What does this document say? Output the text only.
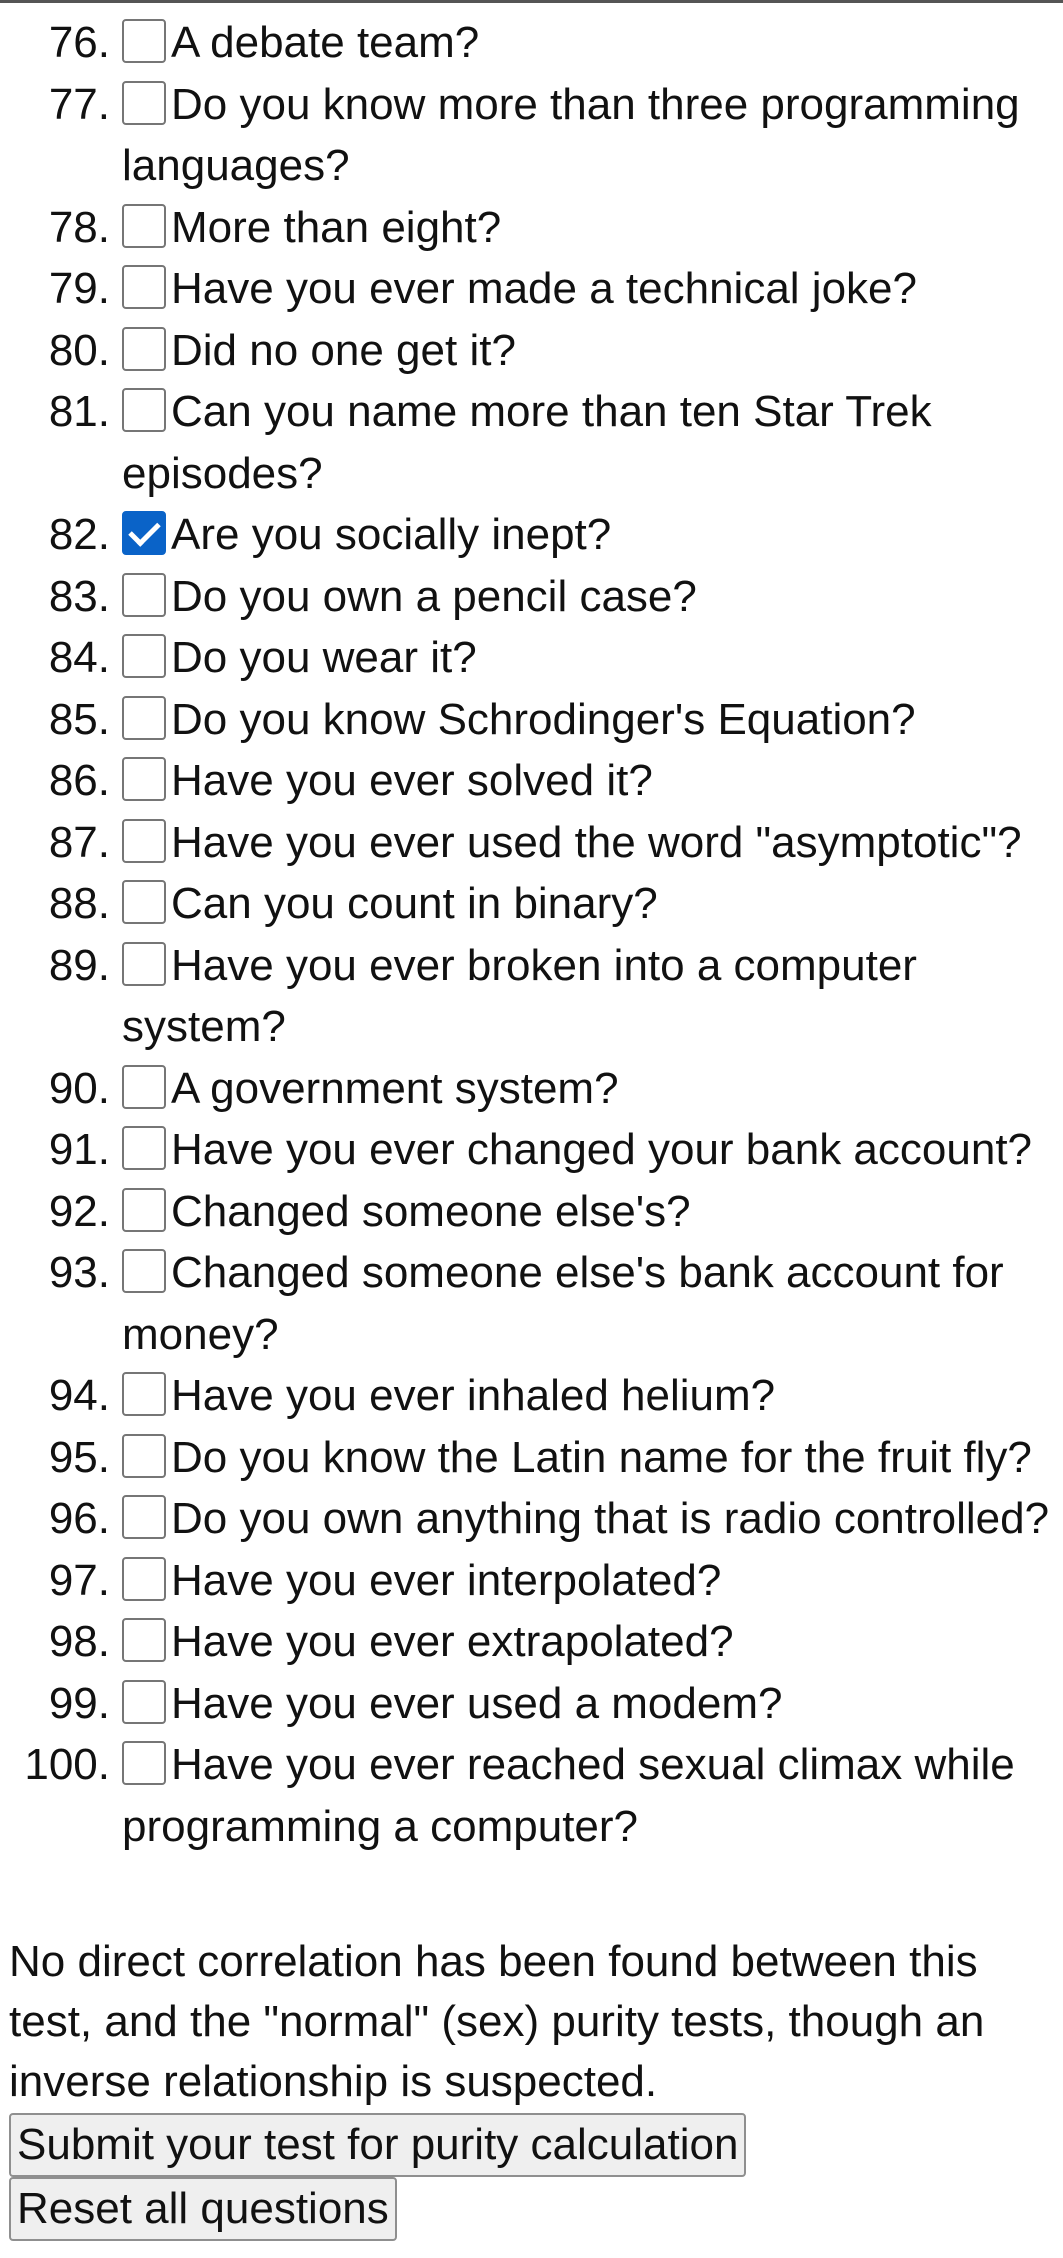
76. A debate team?
77. Do you know more than three programming languages?
78. More than eight?
79. Have you ever made a technical joke?
80. Did no one get it?
81. Can you name more than ten Star Trek episodes?
82. Are you socially inept?
83. Do you own a pencil case?
84. Do you wear it?
85. Do you know Schrodinger's Equation?
86. Have you ever solved it?
87. Have you ever used the word "asymptotic"?
88. Can you count in binary?
89. Have you ever broken into a computer system?
90. A government system?
91. Have you ever changed your bank account?
92. Changed someone else's?
93. Changed someone else's bank account for money?
94. Have you ever inhaled helium?
95. Do you know the Latin name for the fruit fly?
96. Do you own anything that is radio controlled?
97. Have you ever interpolated?
98. Have you ever extrapolated?
99. Have you ever used a modem?
100. Have you ever reached sexual climax while programming a computer?
No direct correlation has been found between this test, and the "normal" (sex) purity tests, though an inverse relationship is suspected.
Submit your test for purity calculation
Reset all questions
